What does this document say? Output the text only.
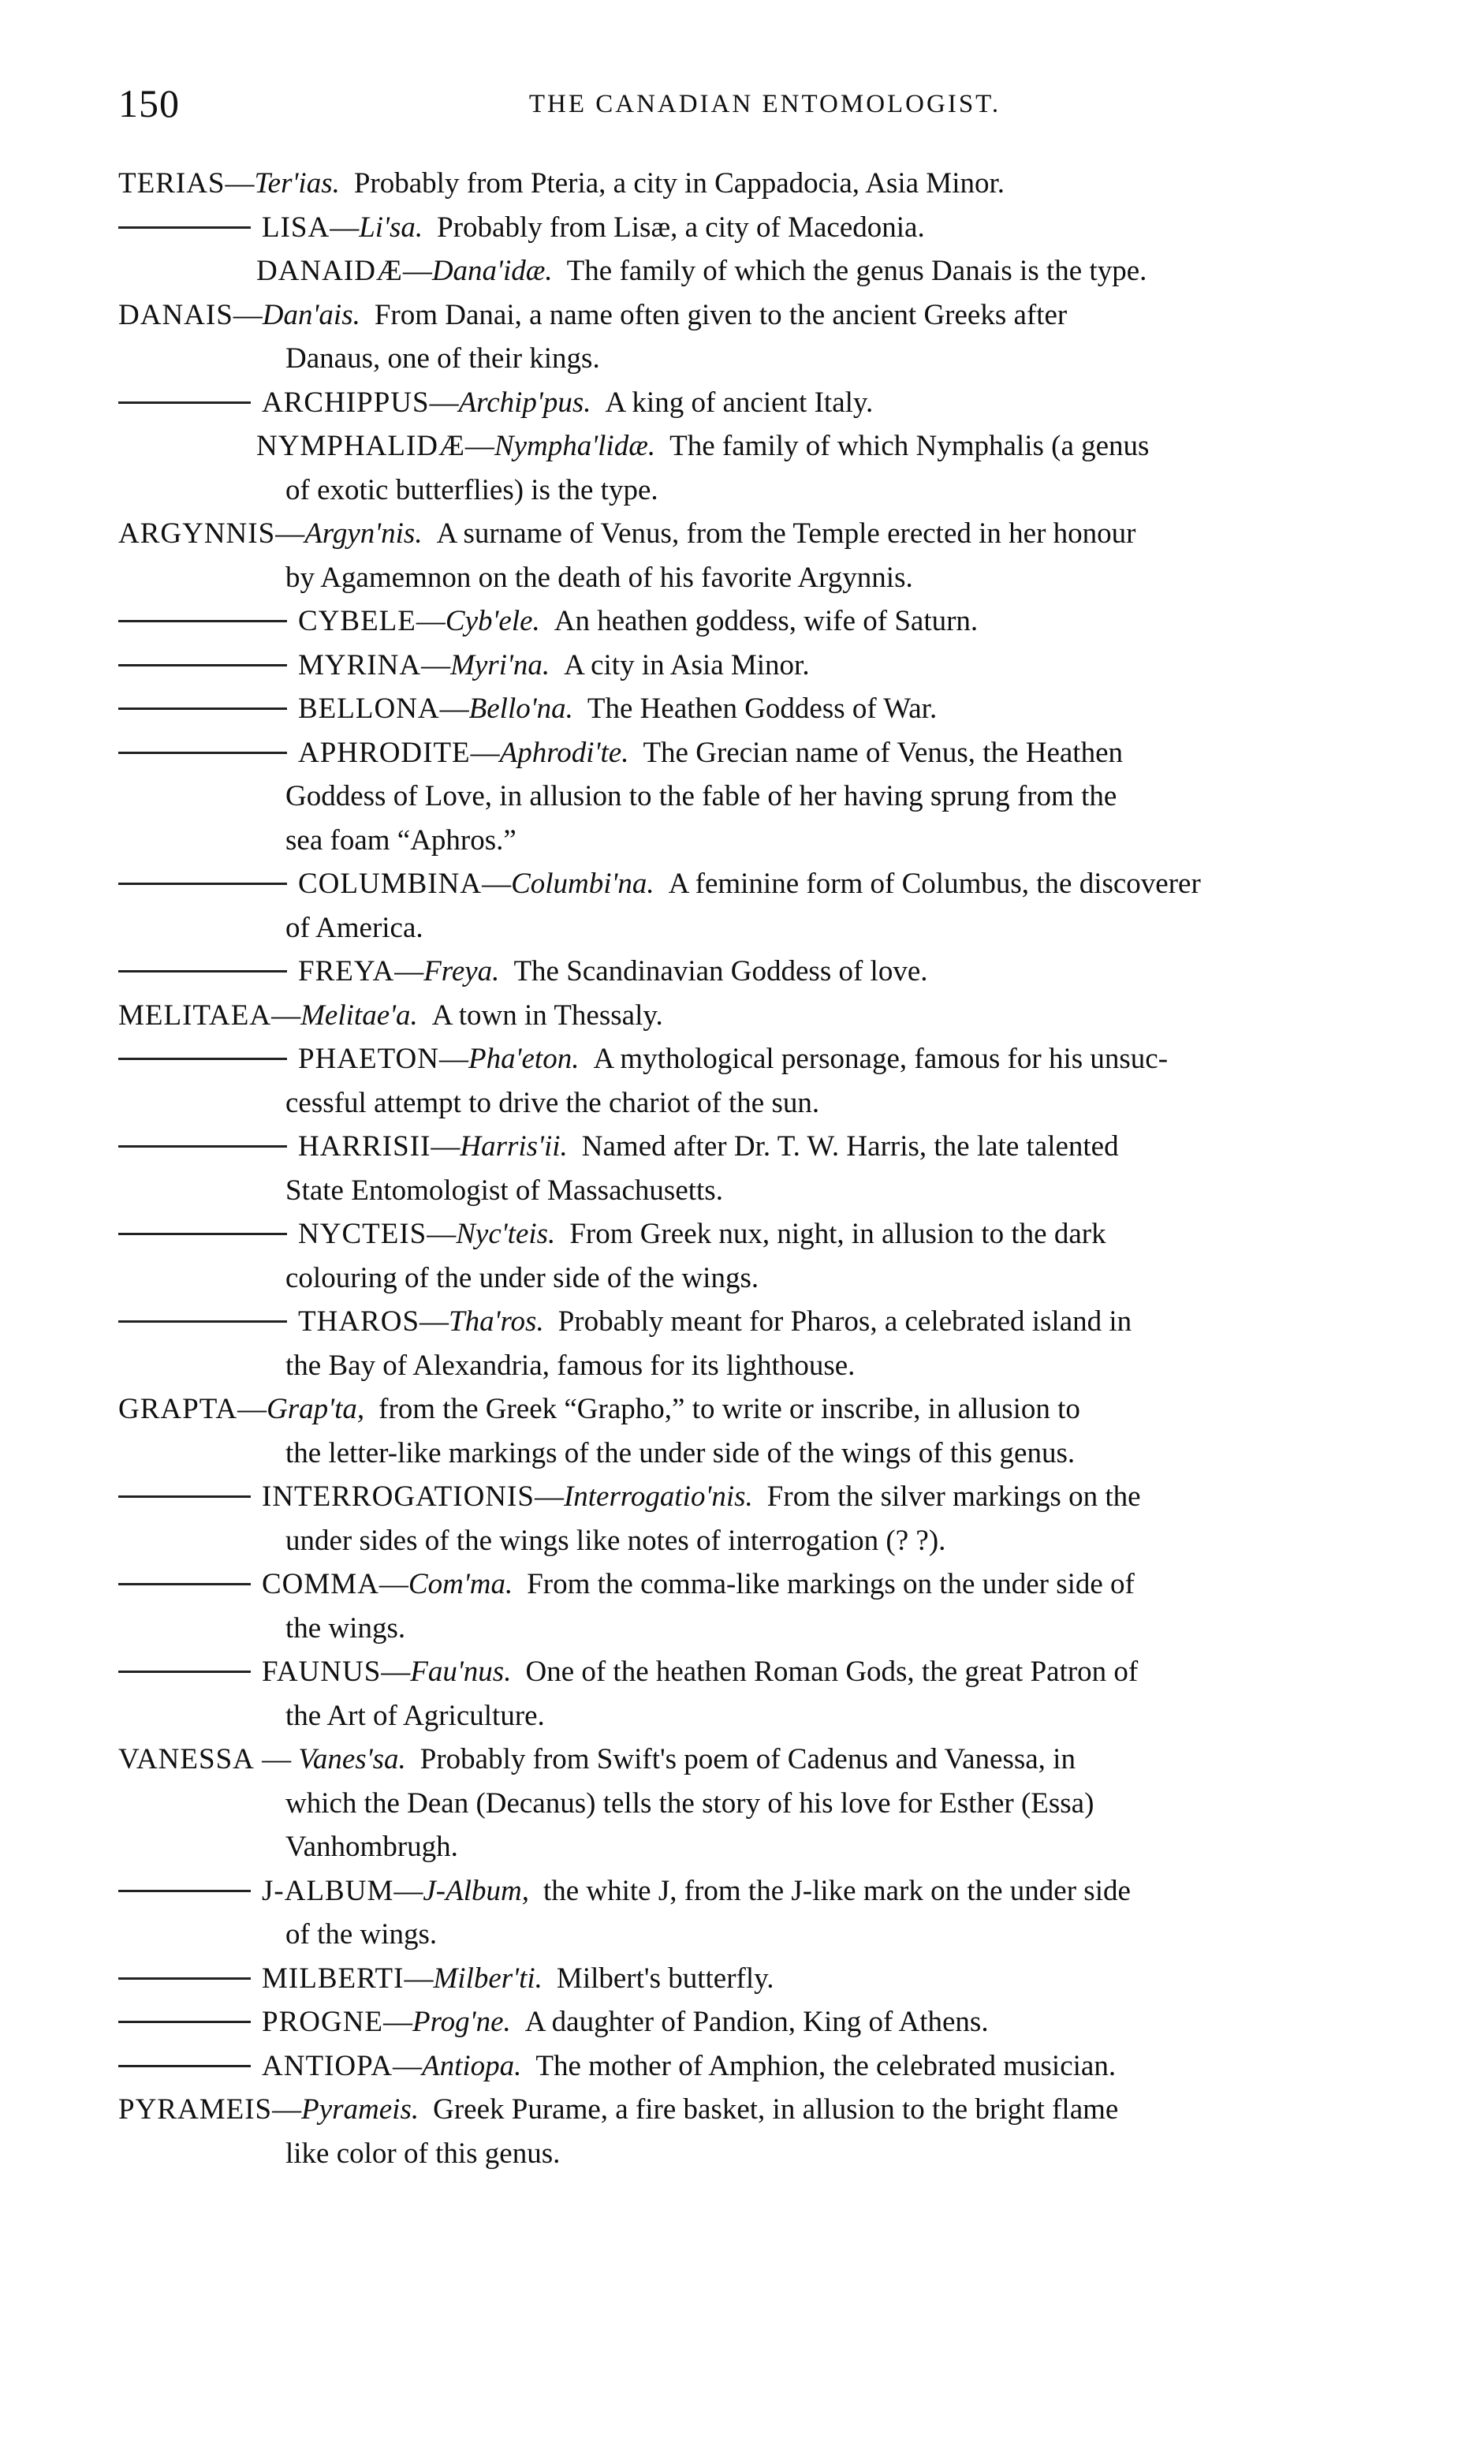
150	THE CANADIAN ENTOMOLOGIST.
TERIAS—Ter'ias. Probably from Pteria, a city in Cappadocia, Asia Minor.
LISA—Li'sa. Probably from Lisæ, a city of Macedonia.
DANAIDÆ—Dana'idæ. The family of which the genus Danais is the type.
DANAIS—Dan'ais. From Danai, a name often given to the ancient Greeks after
Danaus, one of their kings.
ARCHIPPUS—Archip'pus. A king of ancient Italy.
NYMPHALIDÆ—Nympha'lidæ. The family of which Nymphalis (a genus
of exotic butterflies) is the type.
ARGYNNIS—Argyn'nis. A surname of Venus, from the Temple erected in her honour
by Agamemnon on the death of his favorite Argynnis.
CYBELE—Cyb'ele. An heathen goddess, wife of Saturn.
MYRINA—Myri'na. A city in Asia Minor.
BELLONA—Bello'na. The Heathen Goddess of War.
APHRODITE—Aphrodi'te. The Grecian name of Venus, the Heathen
Goddess of Love, in allusion to the fable of her having sprung from the
sea foam “Aphros.”
COLUMBINA—Columbi'na. A feminine form of Columbus, the discoverer
of America.
FREYA—Freya. The Scandinavian Goddess of love.
MELITAEA—Melitae'a. A town in Thessaly.
PHAETON—Pha'eton. A mythological personage, famous for his unsuc-
cessful attempt to drive the chariot of the sun.
HARRISII—Harris'ii. Named after Dr. T. W. Harris, the late talented
State Entomologist of Massachusetts.
NYCTEIS—Nyc'teis. From Greek nux, night, in allusion to the dark
colouring of the under side of the wings.
THAROS—Tha'ros. Probably meant for Pharos, a celebrated island in
the Bay of Alexandria, famous for its lighthouse.
GRAPTA—Grap'ta, from the Greek “Grapho,” to write or inscribe, in allusion to
the letter-like markings of the under side of the wings of this genus.
INTERROGATIONIS—Interrogatio'nis. From the silver markings on the
under sides of the wings like notes of interrogation (? ?).
COMMA—Com'ma. From the comma-like markings on the under side of
the wings.
FAUNUS—Fau'nus. One of the heathen Roman Gods, the great Patron of
the Art of Agriculture.
VANESSA — Vanes'sa. Probably from Swift's poem of Cadenus and Vanessa, in
which the Dean (Decanus) tells the story of his love for Esther (Essa)
Vanhombrugh.
J-ALBUM—J-Album, the white J, from the J-like mark on the under side
of the wings.
MILBERTI—Milber'ti. Milbert's butterfly.
PROGNE—Prog'ne. A daughter of Pandion, King of Athens.
ANTIOPA—Antiopa. The mother of Amphion, the celebrated musician.
PYRAMEIS—Pyrameis. Greek Purame, a fire basket, in allusion to the bright flame
like color of this genus.
